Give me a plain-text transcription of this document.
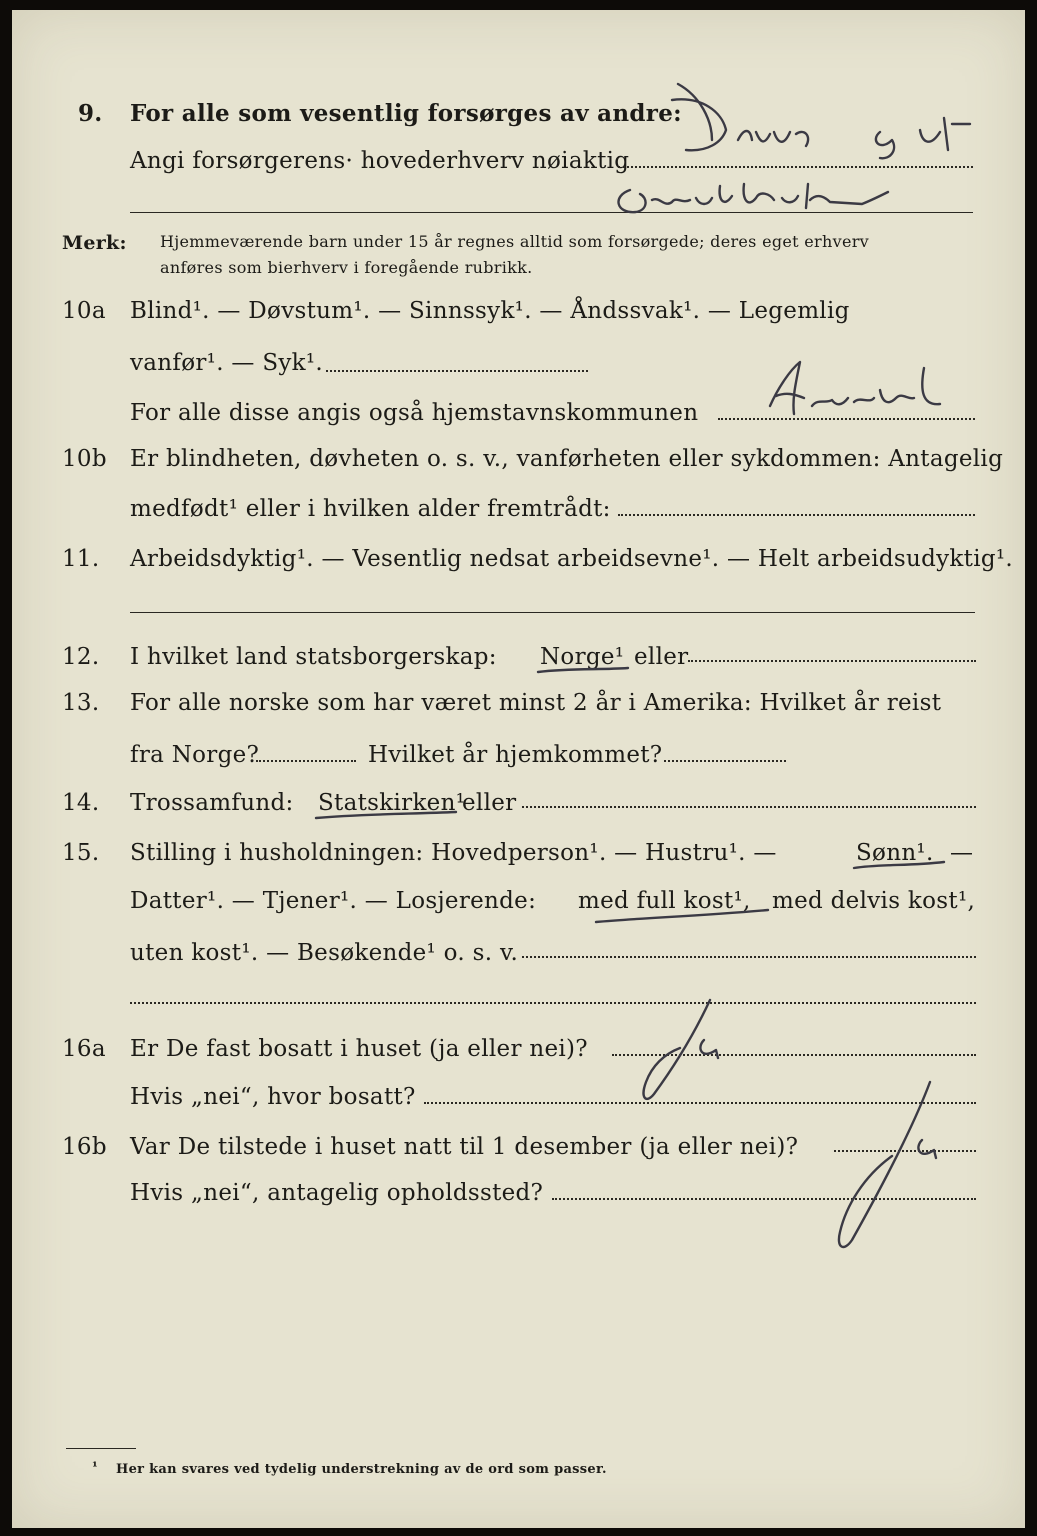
9. For alle som vesentlig forsørges av andre:
Angi forsørgerens· hovederhverv nøiaktig
Merk: Hjemmeværende barn under 15 år regnes alltid som forsørgede; deres eget erhverv
anføres som bierhverv i foregående rubrikk.
10a Blind¹. — Døvstum¹. — Sinnssyk¹. — Åndssvak¹. — Legemlig
vanfør¹. — Syk¹.
For alle disse angis også hjemstavnskommunen
10b Er blindheten, døvheten o. s. v., vanførheten eller sykdommen: Antagelig
medfødt¹ eller i hvilken alder fremtrådt:
11. Arbeidsdyktig¹. — Vesentlig nedsat arbeidsevne¹. — Helt arbeidsudyktig¹.
12. I hvilket land statsborgerskap: Norge¹ eller
13. For alle norske som har været minst 2 år i Amerika: Hvilket år reist
fra Norge?	Hvilket år hjemkommet?
14. Trossamfund: Statskirken¹
eller
15. Stilling i husholdningen: Hovedperson¹. — Hustru¹. —	Sønn¹. —
Datter¹. — Tjener¹. — Losjerende: med full kost¹, med delvis kost¹,
uten kost¹. — Besøkende¹ o. s. v.
16a Er De fast bosatt i huset (ja eller nei)?
Hvis „nei“, hvor bosatt?
16b Var De tilstede i huset natt til 1 desember (ja eller nei)?
Hvis „nei“, antagelig opholdssted?
¹ Her kan svares ved tydelig understrekning av de ord som passer.
